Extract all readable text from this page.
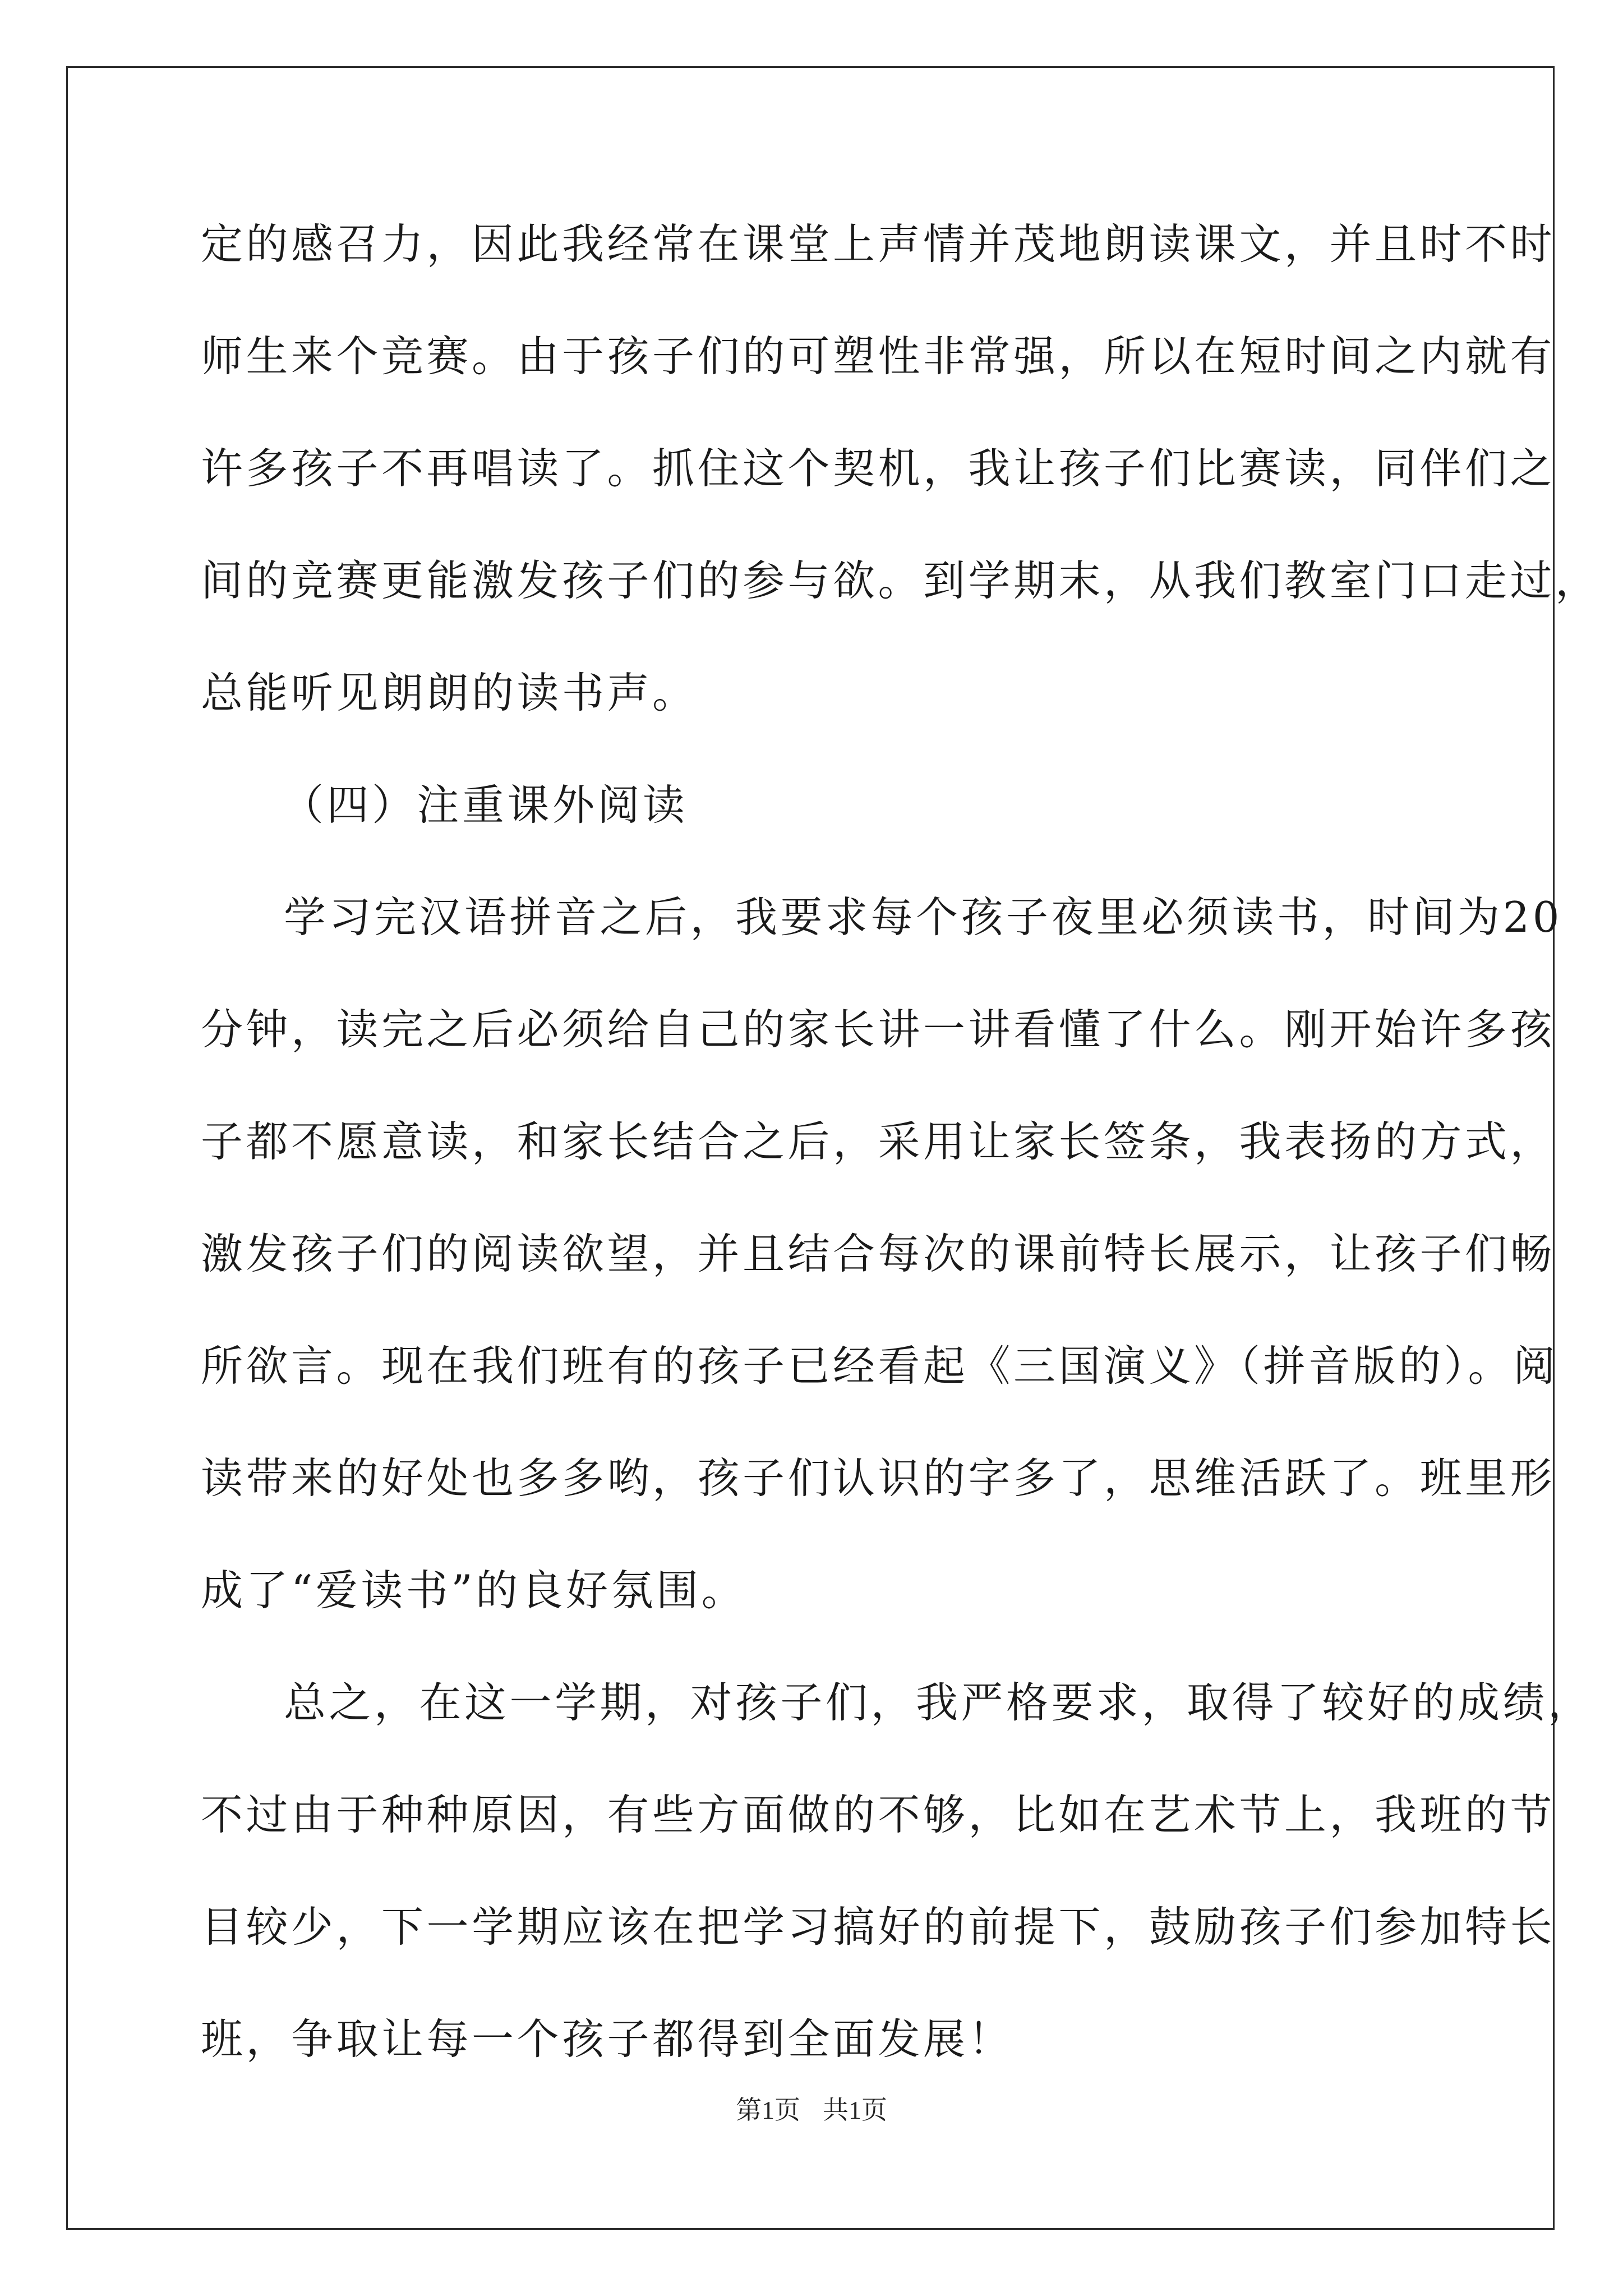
定的感召力，因此我经常在课堂上声情并茂地朗读课文，并且时不时
师生来个竞赛。由于孩子们的可塑性非常强，所以在短时间之内就有
许多孩子不再唱读了。抓住这个契机，我让孩子们比赛读，同伴们之
间的竞赛更能激发孩子们的参与欲。到学期末，从我们教室门口走过，
总能听见朗朗的读书声。
（四）注重课外阅读
学习完汉语拼音之后，我要求每个孩子夜里必须读书，时间为20
分钟，读完之后必须给自己的家长讲一讲看懂了什么。刚开始许多孩
子都不愿意读，和家长结合之后，采用让家长签条，我表扬的方式，
激发孩子们的阅读欲望，并且结合每次的课前特长展示，让孩子们畅
所欲言。现在我们班有的孩子已经看起《三国演义》（拼音版的）。阅
读带来的好处也多多哟，孩子们认识的字多了，思维活跃了。班里形
成了“爱读书”的良好氛围。
总之，在这一学期，对孩子们，我严格要求，取得了较好的成绩，
不过由于种种原因，有些方面做的不够，比如在艺术节上，我班的节
目较少，下一学期应该在把学习搞好的前提下，鼓励孩子们参加特长
班，争取让每一个孩子都得到全面发展！
第1页 共1页
